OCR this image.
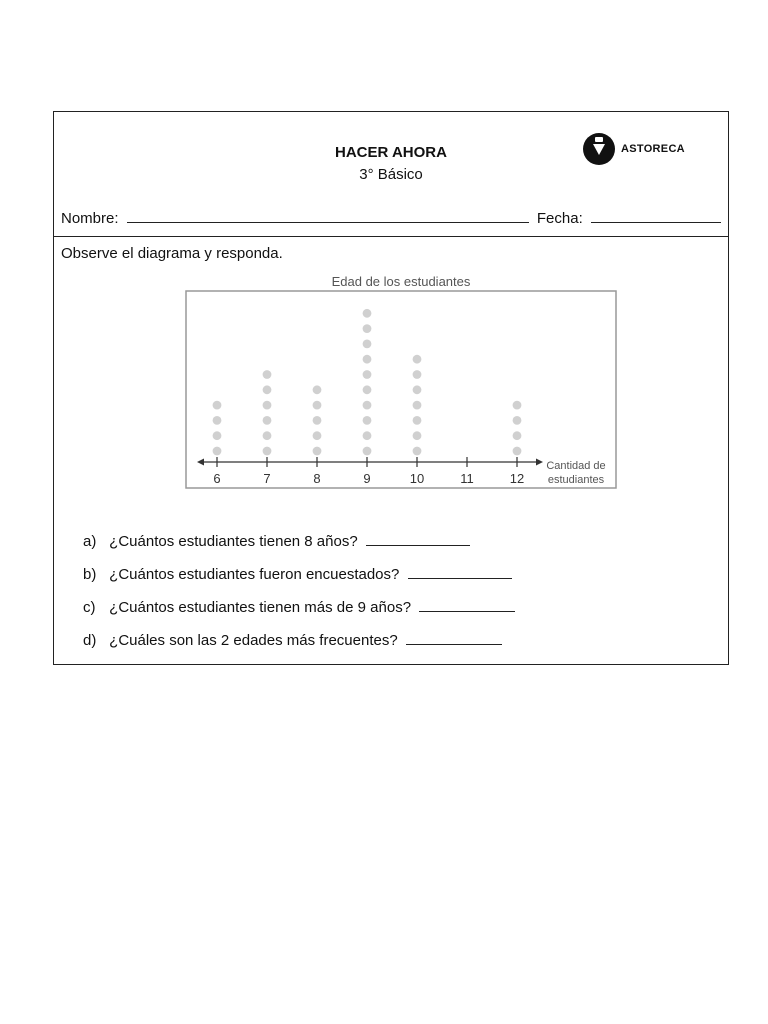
HACER AHORA
3° Básico
ASTORECA
Nombre:	Fecha:
Observe el diagrama y responda.
Edad de los estudiantes
6	7	8	9	10	11	12
Cantidad de
estudiantes
a) ¿Cuántos estudiantes tienen 8 años?
b) ¿Cuántos estudiantes fueron encuestados?
c) ¿Cuántos estudiantes tienen más de 9 años?
d) ¿Cuáles son las 2 edades más frecuentes?
